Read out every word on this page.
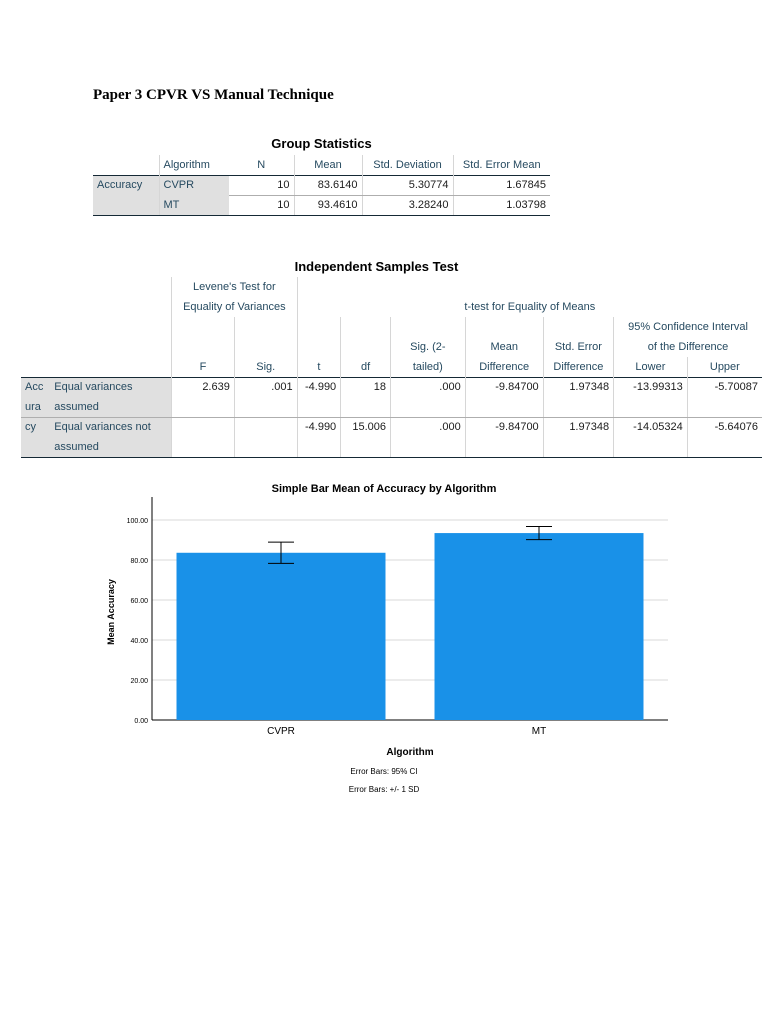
Paper 3 CPVR VS Manual Technique
Group Statistics
	Algorithm	N	Mean	Std. Deviation	Std. Error Mean
Accuracy	CVPR	10	83.6140	5.30774	1.67845
	MT	10	93.4610	3.28240	1.03798
Independent Samples Test
		Levene's Test for								
		Equality of Variances		t-test for Equality of Means						
									95% Confidence Interval	
						Sig. (2-	Mean	Std. Error	of the Difference	
		F	Sig.	t	df	tailed)	Difference	Difference	Lower	Upper
Acc	Equal variances	2.639	.001	-4.990	18	.000	-9.84700	1.97348	-13.99313	-5.70087
ura	assumed									
cy	Equal variances not			-4.990	15.006	.000	-9.84700	1.97348	-14.05324	-5.64076
	assumed									
Simple Bar Mean of Accuracy by Algorithm
0.00
20.00
40.00
60.00
80.00
100.00
CVPR	MT
Algorithm
Mean Accuracy
Error Bars: 95% CI
Error Bars: +/- 1 SD
